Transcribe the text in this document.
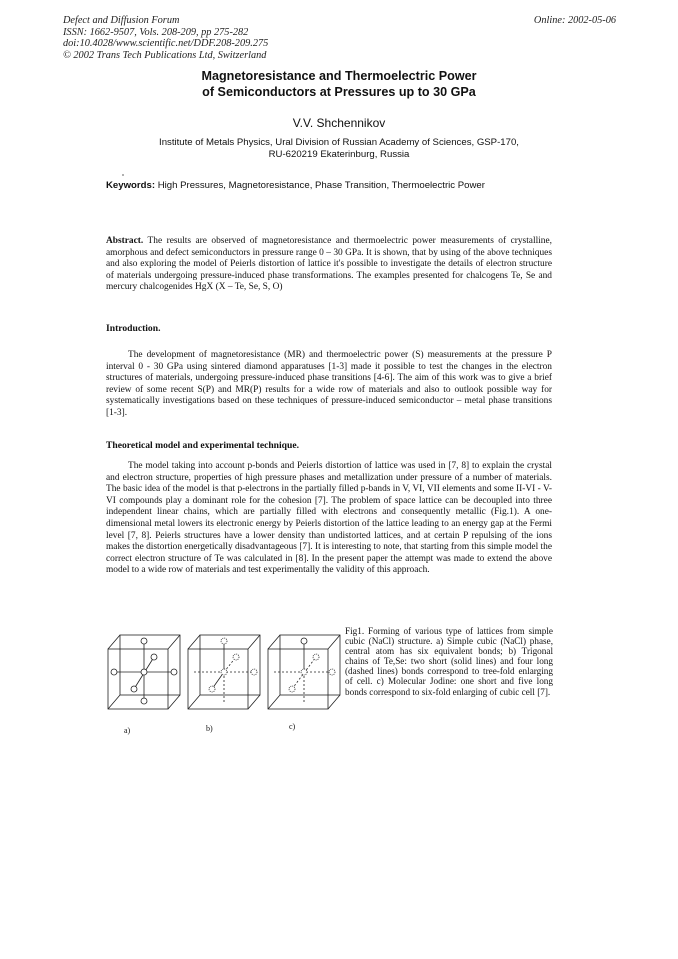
Defect and Diffusion Forum
ISSN: 1662-9507, Vols. 208-209, pp 275-282
doi:10.4028/www.scientific.net/DDF.208-209.275
© 2002 Trans Tech Publications Ltd, Switzerland
Online: 2002-05-06
Magnetoresistance and Thermoelectric Power
of Semiconductors at Pressures up to 30 GPa
V.V. Shchennikov
Institute of Metals Physics, Ural Division of Russian Academy of Sciences, GSP-170,
RU-620219 Ekaterinburg, Russia
Keywords: High Pressures, Magnetoresistance, Phase Transition, Thermoelectric Power
Abstract. The results are observed of magnetoresistance and thermoelectric power measurements of crystalline, amorphous and defect semiconductors in pressure range 0 – 30 GPa. It is shown, that by using of the above techniques and also exploring the model of Peierls distortion of lattice it's possible to investigate the details of electron structure of materials undergoing pressure-induced phase transformations. The examples presented for chalcogens Te, Se and mercury chalcogenides HgX (X – Te, Se, S, O)
Introduction.

The development of magnetoresistance (MR) and thermoelectric power (S) measurements at the pressure P interval 0 - 30 GPa using sintered diamond apparatuses [1-3] made it possible to test the changes in the electron structures of materials, undergoing pressure-induced phase transitions [4-6]. The aim of this work was to give a brief review of some recent S(P) and MR(P) results for a wide row of materials and also to outlook possible way for systematically investigations based on these techniques of pressure-induced semiconductor – metal phase transitions [1-3].

Theoretical model and experimental technique.

The model taking into account p-bonds and Peierls distortion of lattice was used in [7, 8] to explain the crystal and electron structure, properties of high pressure phases and metallization under pressure of a number of materials. The basic idea of the model is that p-electrons in the partially filled p-bands in V, VI, VII elements and some II-VI - V-VI compounds play a dominant role for the cohesion [7]. The problem of space lattice can be decoupled into three independent linear chains, which are partially filled with electrons and consequently metallic (Fig.1). A one-dimensional metal lowers its electronic energy by Peierls distortion of the lattice leading to an energy gap at the Fermi level [7, 8]. Peierls structures have a lower density than undistorted lattices, and at certain P repulsing of the ions makes the distortion energetically disadvantageous [7]. It is interesting to note, that starting from this simple model the correct electron structure of Te was calculated in [8]. In the present paper the attempt was made to extend the above model to a wide row of materials and test experimentally the validity of this approach.

a)	b)	c)
Fig1. Forming of various type of lattices from simple cubic (NaCl) structure. a) Simple cubic (NaCl) phase, central atom has six equivalent bonds; b) Trigonal chains of Te,Se: two short (solid lines) and four long (dashed lines) bonds correspond to tree-fold enlarging of cell. c) Molecular Jodine: one short and five long bonds correspond to six-fold enlarging of cubic cell [7].
